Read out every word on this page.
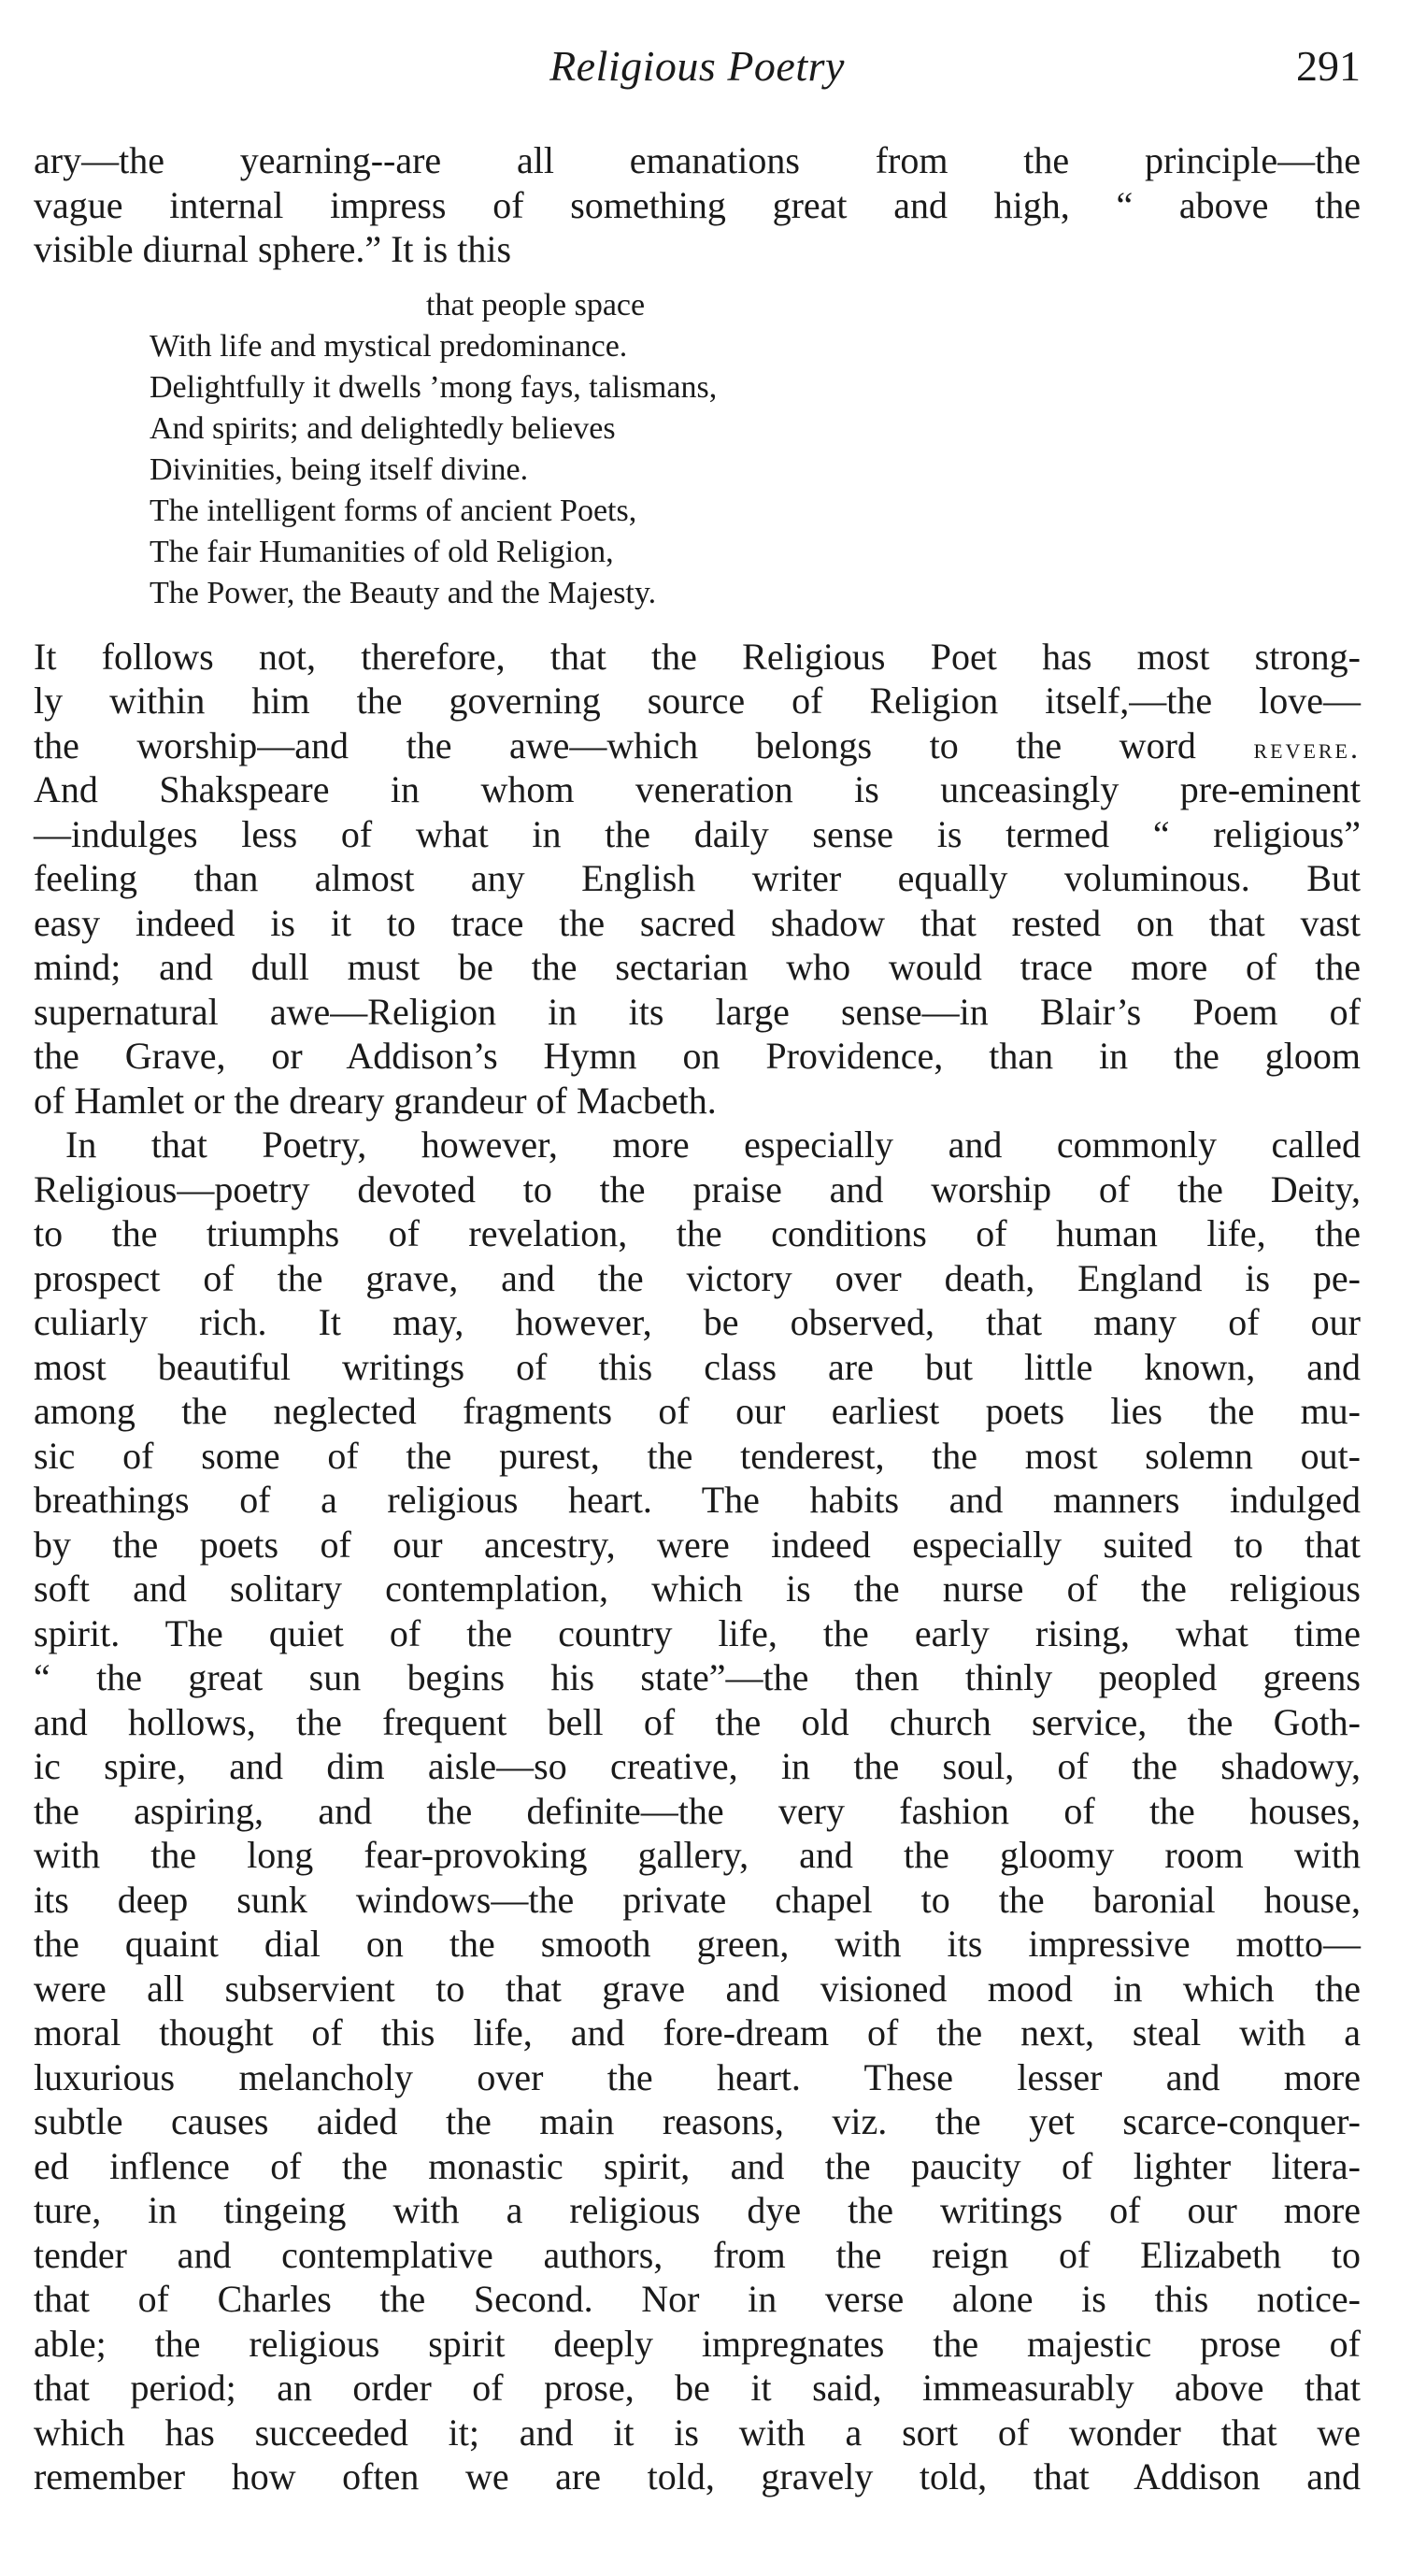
Religious Poetry	291
ary—the yearning--are all emanations from the principle—the
vague internal impress of something great and high, “ above the
visible diurnal sphere.” It is this
that people space
With life and mystical predominance.
Delightfully it dwells ’mong fays, talismans,
And spirits; and delightedly believes
Divinities, being itself divine.
The intelligent forms of ancient Poets,
The fair Humanities of old Religion,
The Power, the Beauty and the Majesty.
It follows not, therefore, that the Religious Poet has most strong-
ly within him the governing source of Religion itself,—the love—
the worship—and the awe—which belongs to the word revere.
And Shakspeare in whom veneration is unceasingly pre-eminent
—indulges less of what in the daily sense is termed “ religious”
feeling than almost any English writer equally voluminous. But
easy indeed is it to trace the sacred shadow that rested on that vast
mind; and dull must be the sectarian who would trace more of the
supernatural awe—Religion in its large sense—in Blair’s Poem of
the Grave, or Addison’s Hymn on Providence, than in the gloom
of Hamlet or the dreary grandeur of Macbeth.
In that Poetry, however, more especially and commonly called
Religious—poetry devoted to the praise and worship of the Deity,
to the triumphs of revelation, the conditions of human life, the
prospect of the grave, and the victory over death, England is pe-
culiarly rich. It may, however, be observed, that many of our
most beautiful writings of this class are but little known, and
among the neglected fragments of our earliest poets lies the mu-
sic of some of the purest, the tenderest, the most solemn out-
breathings of a religious heart. The habits and manners indulged
by the poets of our ancestry, were indeed especially suited to that
soft and solitary contemplation, which is the nurse of the religious
spirit. The quiet of the country life, the early rising, what time
“ the great sun begins his state”—the then thinly peopled greens
and hollows, the frequent bell of the old church service, the Goth-
ic spire, and dim aisle—so creative, in the soul, of the shadowy,
the aspiring, and the definite—the very fashion of the houses,
with the long fear-provoking gallery, and the gloomy room with
its deep sunk windows—the private chapel to the baronial house,
the quaint dial on the smooth green, with its impressive motto—
were all subservient to that grave and visioned mood in which the
moral thought of this life, and fore-dream of the next, steal with a
luxurious melancholy over the heart. These lesser and more
subtle causes aided the main reasons, viz. the yet scarce-conquer-
ed inflence of the monastic spirit, and the paucity of lighter litera-
ture, in tingeing with a religious dye the writings of our more
tender and contemplative authors, from the reign of Elizabeth to
that of Charles the Second. Nor in verse alone is this notice-
able; the religious spirit deeply impregnates the majestic prose of
that period; an order of prose, be it said, immeasurably above that
which has succeeded it; and it is with a sort of wonder that we
remember how often we are told, gravely told, that Addison and
